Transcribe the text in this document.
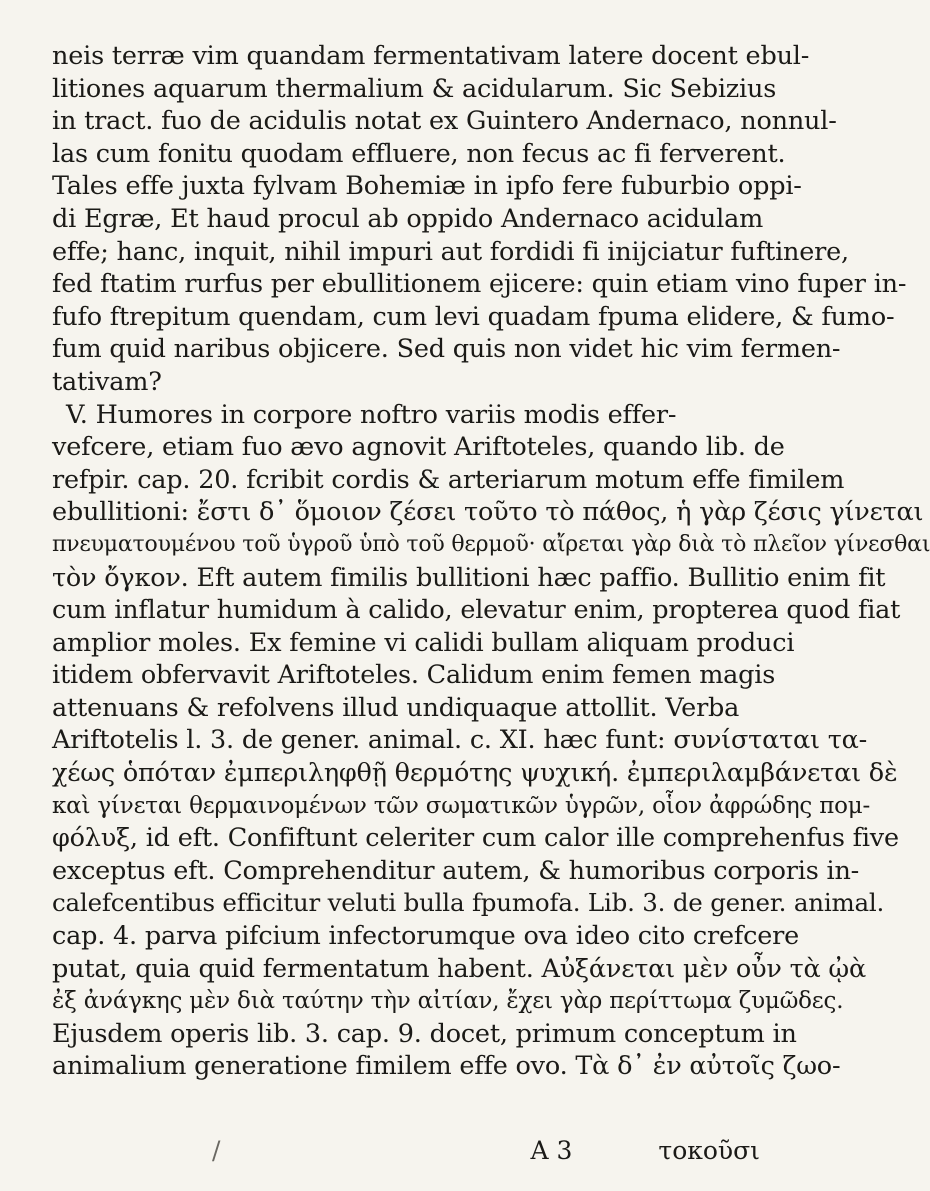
neis terræ vim quandam fermentativam latere docent ebul-
litiones aquarum thermalium & acidularum. Sic Sebizius
in tract. fuo de acidulis notat ex Guintero Andernaco, nonnul-
las cum fonitu quodam effluere, non fecus ac fi ferverent.
Tales effe juxta fylvam Bohemiæ in ipfo fere fuburbio oppi-
di Egræ, Et haud procul ab oppido Andernaco acidulam
effe; hanc, inquit, nihil impuri aut fordidi fi inijciatur fuftinere,
fed ftatim rurfus per ebullitionem ejicere: quin etiam vino fuper in-
fufo ftrepitum quendam, cum levi quadam fpuma elidere, & fumo-
fum quid naribus objicere. Sed quis non videt hic vim fermen-
tativam?
V. Humores in corpore noftro variis modis effer-
vefcere, etiam fuo ævo agnovit Ariftoteles, quando lib. de
refpir. cap. 20. fcribit cordis & arteriarum motum effe fimilem
ebullitioni: ἔστι δ᾽ ὅμοιον ζέσει τοῦτο τὸ πάθος, ἡ γὰρ ζέσις γίνεται
πνευματουμένου τοῦ ὑγροῦ ὑπὸ τοῦ θερμοῦ· αἴρεται γὰρ διὰ τὸ πλεῖον γίνεσθαι
τὸν ὄγκον. Eft autem fimilis bullitioni hæc paffio. Bullitio enim fit
cum inflatur humidum à calido, elevatur enim, propterea quod fiat
amplior moles. Ex femine vi calidi bullam aliquam produci
itidem obfervavit Ariftoteles. Calidum enim femen magis
attenuans & refolvens illud undiquaque attollit. Verba
Ariftotelis l. 3. de gener. animal. c. XI. hæc funt: συνίσταται τα-
χέως ὁπόταν ἐμπεριληφθῇ θερμότης ψυχική. ἐμπεριλαμβάνεται δὲ
καὶ γίνεται θερμαινομένων τῶν σωματικῶν ὑγρῶν, οἷον ἀφρώδης πομ-
φόλυξ, id eft. Confiftunt celeriter cum calor ille comprehenfus five
exceptus eft. Comprehenditur autem, & humoribus corporis in-
calefcentibus efficitur veluti bulla fpumofa. Lib. 3. de gener. animal.
cap. 4. parva pifcium infectorumque ova ideo cito crefcere
putat, quia quid fermentatum habent. Αὐξάνεται μὲν οὖν τὰ ᾠὰ
ἐξ ἀνάγκης μὲν διὰ ταύτην τὴν αἰτίαν, ἔχει γὰρ περίττωμα ζυμῶδες.
Ejusdem operis lib. 3. cap. 9. docet, primum conceptum in
animalium generatione fimilem effe ovo. Τὰ δ᾽ ἐν αὐτοῖς ζωο-
/	A 3	τοκοῦσι
